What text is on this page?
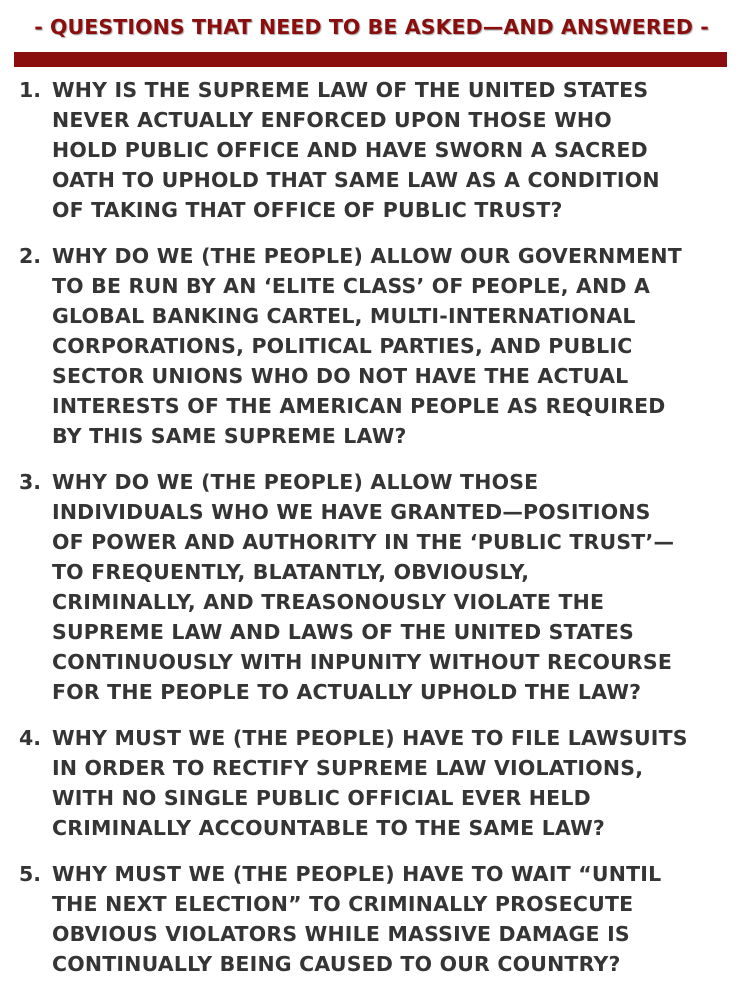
- QUESTIONS THAT NEED TO BE ASKED—AND ANSWERED -
1. WHY IS THE SUPREME LAW OF THE UNITED STATES
NEVER ACTUALLY ENFORCED UPON THOSE WHO
HOLD PUBLIC OFFICE AND HAVE SWORN A SACRED
OATH TO UPHOLD THAT SAME LAW AS A CONDITION
OF TAKING THAT OFFICE OF PUBLIC TRUST?
2. WHY DO WE (THE PEOPLE) ALLOW OUR GOVERNMENT
TO BE RUN BY AN ‘ELITE CLASS’ OF PEOPLE, AND A
GLOBAL BANKING CARTEL, MULTI-INTERNATIONAL
CORPORATIONS, POLITICAL PARTIES, AND PUBLIC
SECTOR UNIONS WHO DO NOT HAVE THE ACTUAL
INTERESTS OF THE AMERICAN PEOPLE AS REQUIRED
BY THIS SAME SUPREME LAW?
3. WHY DO WE (THE PEOPLE) ALLOW THOSE
INDIVIDUALS WHO WE HAVE GRANTED—POSITIONS
OF POWER AND AUTHORITY IN THE ‘PUBLIC TRUST’—
TO FREQUENTLY, BLATANTLY, OBVIOUSLY,
CRIMINALLY, AND TREASONOUSLY VIOLATE THE
SUPREME LAW AND LAWS OF THE UNITED STATES
CONTINUOUSLY WITH INPUNITY WITHOUT RECOURSE
FOR THE PEOPLE TO ACTUALLY UPHOLD THE LAW?
4. WHY MUST WE (THE PEOPLE) HAVE TO FILE LAWSUITS
IN ORDER TO RECTIFY SUPREME LAW VIOLATIONS,
WITH NO SINGLE PUBLIC OFFICIAL EVER HELD
CRIMINALLY ACCOUNTABLE TO THE SAME LAW?
5. WHY MUST WE (THE PEOPLE) HAVE TO WAIT “UNTIL
THE NEXT ELECTION” TO CRIMINALLY PROSECUTE
OBVIOUS VIOLATORS WHILE MASSIVE DAMAGE IS
CONTINUALLY BEING CAUSED TO OUR COUNTRY?
